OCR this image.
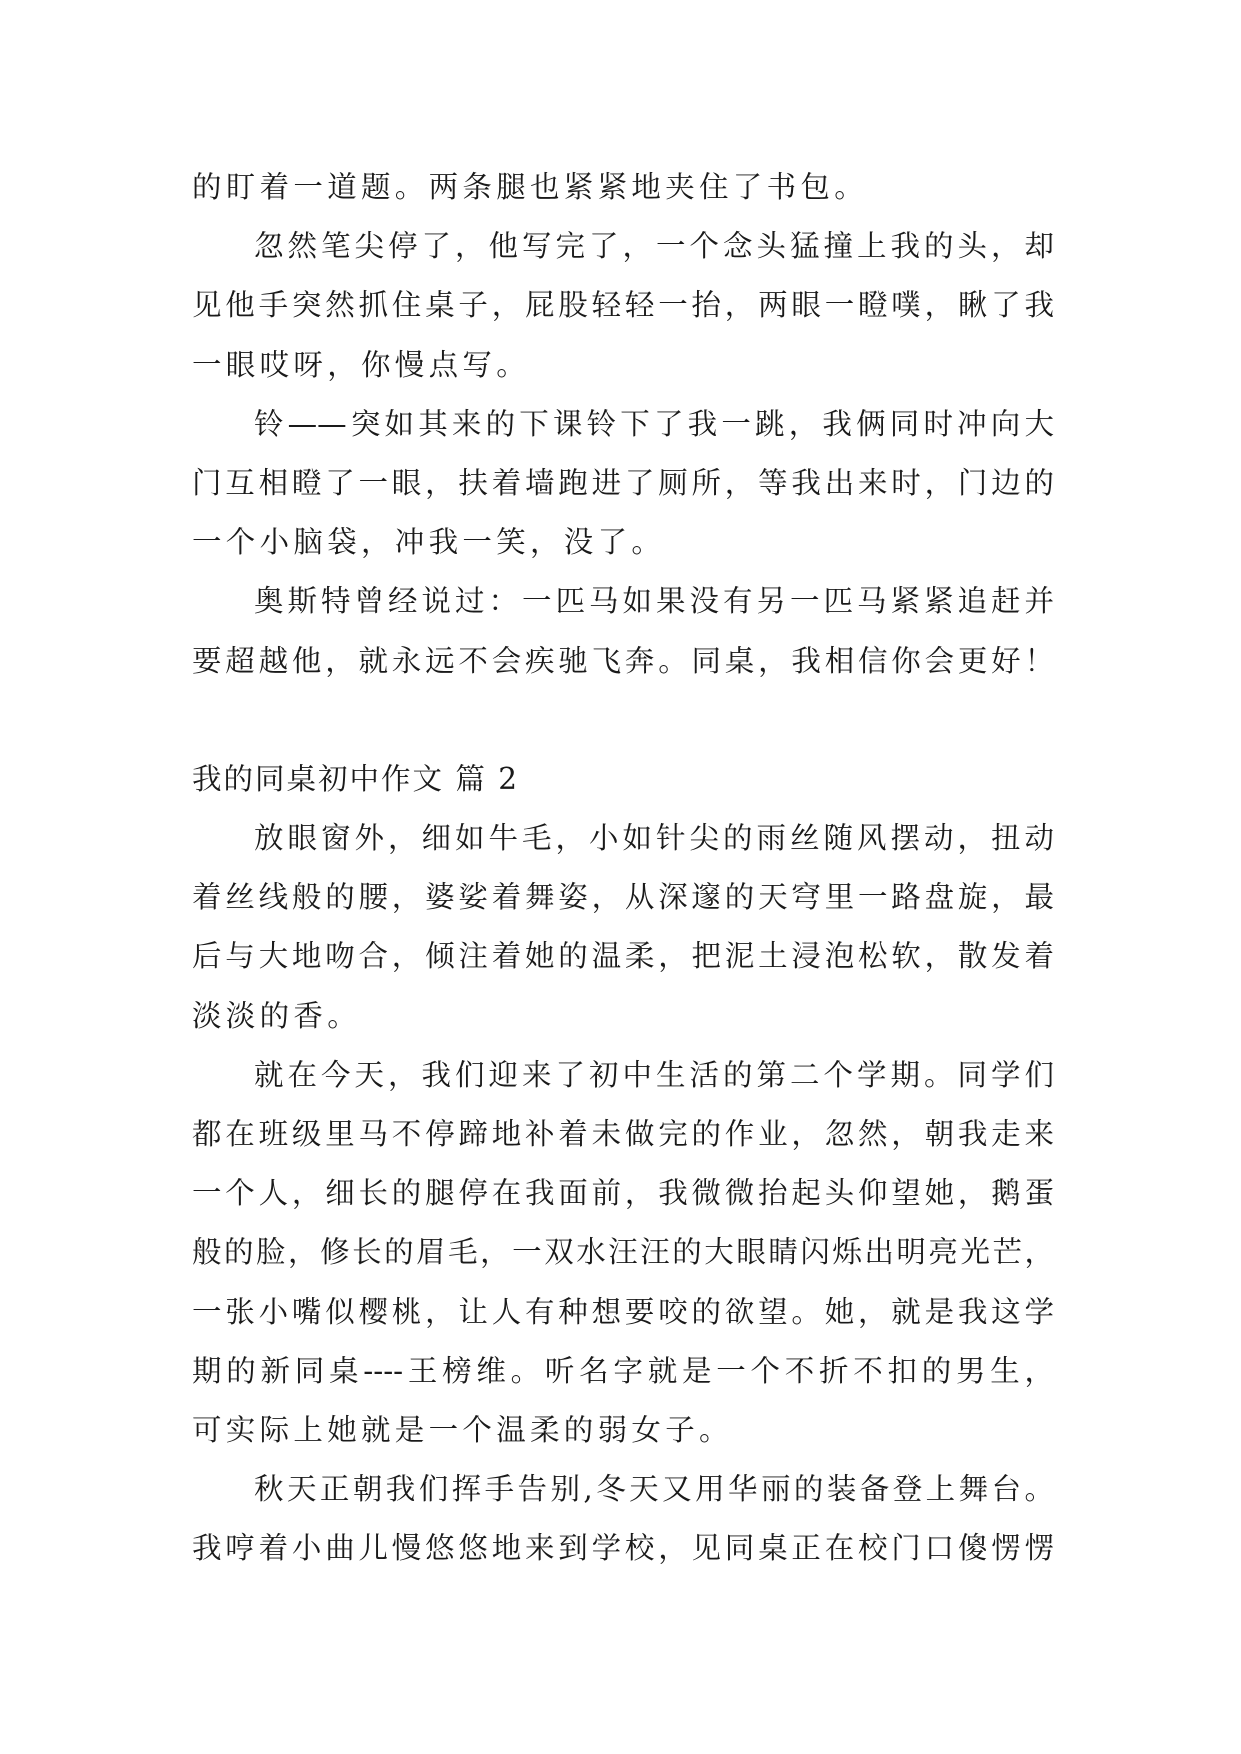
的盯着一道题。两条腿也紧紧地夹住了书包。
忽然笔尖停了，他写完了，一个念头猛撞上我的头，却
见他手突然抓住桌子，屁股轻轻一抬，两眼一瞪噗，瞅了我
一眼哎呀，你慢点写。
铃——突如其来的下课铃下了我一跳，我俩同时冲向大
门互相瞪了一眼，扶着墙跑进了厕所，等我出来时，门边的
一个小脑袋，冲我一笑，没了。
奥斯特曾经说过：一匹马如果没有另一匹马紧紧追赶并
要超越他，就永远不会疾驰飞奔。同桌，我相信你会更好！
我的同桌初中作文 篇 2
放眼窗外，细如牛毛，小如针尖的雨丝随风摆动，扭动
着丝线般的腰，婆娑着舞姿，从深邃的天穹里一路盘旋，最
后与大地吻合，倾注着她的温柔，把泥土浸泡松软，散发着
淡淡的香。
就在今天，我们迎来了初中生活的第二个学期。同学们
都在班级里马不停蹄地补着未做完的作业，忽然，朝我走来
一个人，细长的腿停在我面前，我微微抬起头仰望她，鹅蛋
般的脸，修长的眉毛，一双水汪汪的大眼睛闪烁出明亮光芒，
一张小嘴似樱桃，让人有种想要咬的欲望。她，就是我这学
期的新同桌----王榜维。听名字就是一个不折不扣的男生，
可实际上她就是一个温柔的弱女子。
秋天正朝我们挥手告别,冬天又用华丽的装备登上舞台。
我哼着小曲儿慢悠悠地来到学校，见同桌正在校门口傻愣愣
